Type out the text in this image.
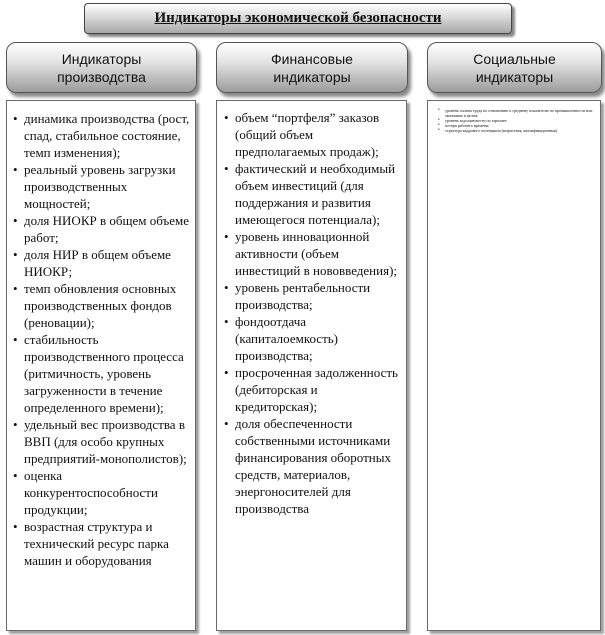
Индикаторы экономической безопасности
Индикаторы производства
Финансовые индикаторы
Социальные индикаторы
• динамика производства (рост, спад, стабильное состояние, темп изменения);
• реальный уровень загрузки производственных мощностей;
• доля НИОКР в общем объеме работ;
• доля НИР в общем объеме НИОКР;
• темп обновления основных производственных фондов (реновации);
• стабильность производственного процесса (ритмичность, уровень загруженности в течение определенного времени);
• удельный вес производства в ВВП (для особо крупных предприятий-монополистов);
• оценка конкурентоспособности продукции;
• возрастная структура и технический ресурс парка машин и оборудования
• объем “портфеля” заказов (общий объем предполагаемых продаж);
• фактический и необходимый объем инвестиций (для поддержания и развития имеющегося потенциала);
• уровень инновационной активности (объем инвестиций в нововведения);
• уровень рентабельности производства;
• фондоотдача (капиталоемкость) производства;
• просроченная задолженность (дебиторская и кредиторская);
• доля обеспеченности собственными источниками финансирования оборотных средств, материалов, энергоносителей для производства
• уровень оплаты труда по отношению к среднему показателю по промышленности или экономике в целом;
• уровень задолженности по зарплате;
• потери рабочего времени;
• структура кадрового потенциала (возрастная, квалификационная)
